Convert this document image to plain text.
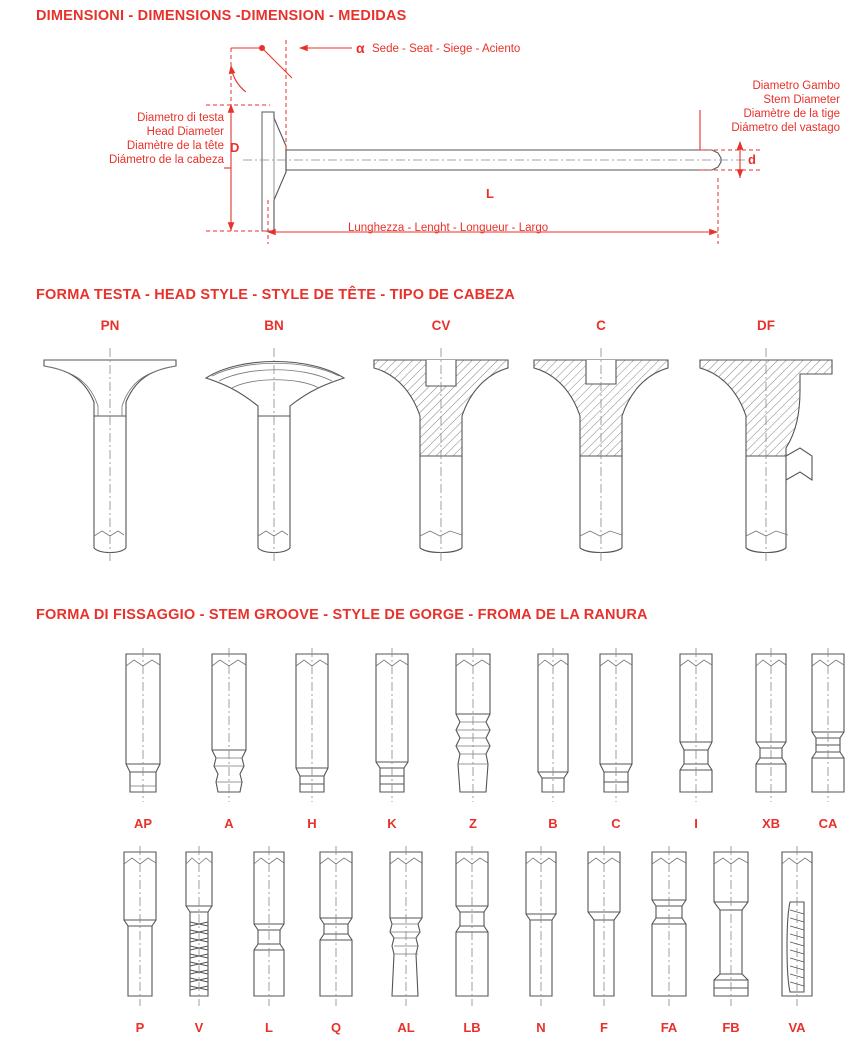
DIMENSIONI - DIMENSIONS -DIMENSION - MEDIDAS
α Sede - Seat - Siege - Aciento
Diametro di testa
Head Diameter
Diamètre de la tête
Diámetro de la cabeza
Diametro Gambo
Stem Diameter
Diamètre de la tige
Diámetro del vastago
D
d
L
Lunghezza - Lenght - Longueur - Largo
FORMA TESTA - HEAD STYLE - STYLE DE TÊTE - TIPO DE CABEZA
PN	BN	CV	C	DF
FORMA DI FISSAGGIO - STEM GROOVE - STYLE DE GORGE - FROMA DE LA RANURA
AP	A	H	K	Z	B	C	I	XB	CA
P	V	L	Q	AL	LB	N	F	FA	FB	VA
